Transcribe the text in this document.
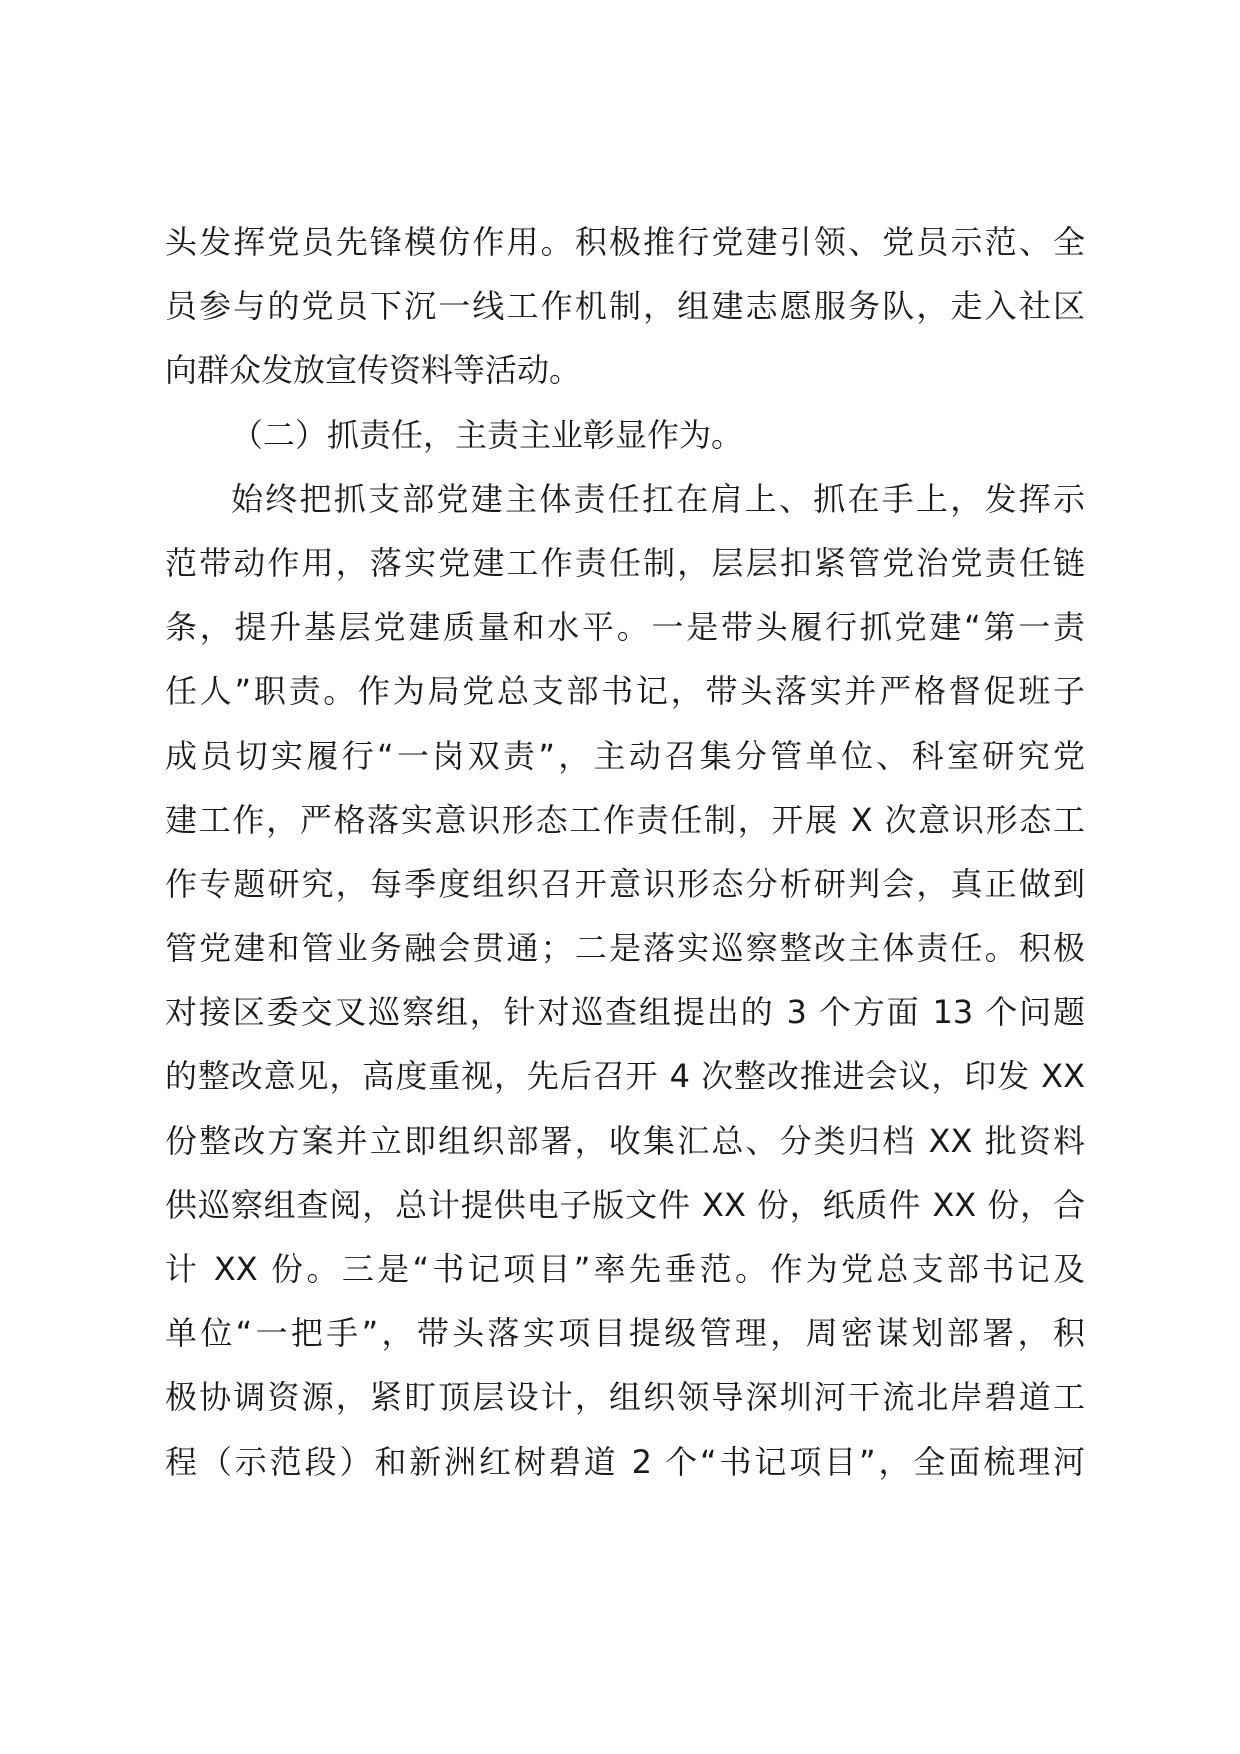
头发挥党员先锋模仿作用。积极推行党建引领、党员示范、全
员参与的党员下沉一线工作机制，组建志愿服务队，走入社区
向群众发放宣传资料等活动。
（二）抓责任，主责主业彰显作为。
始终把抓支部党建主体责任扛在肩上、抓在手上，发挥示
范带动作用，落实党建工作责任制，层层扣紧管党治党责任链
条，提升基层党建质量和水平。一是带头履行抓党建“第一责
任人”职责。作为局党总支部书记，带头落实并严格督促班子
成员切实履行“一岗双责”，主动召集分管单位、科室研究党
建工作，严格落实意识形态工作责任制，开展 X 次意识形态工
作专题研究，每季度组织召开意识形态分析研判会，真正做到
管党建和管业务融会贯通；二是落实巡察整改主体责任。积极
对接区委交叉巡察组，针对巡查组提出的 3 个方面 13 个问题
的整改意见，高度重视，先后召开 4 次整改推进会议，印发 XX
份整改方案并立即组织部署，收集汇总、分类归档 XX 批资料
供巡察组查阅，总计提供电子版文件 XX 份，纸质件 XX 份，合
计 XX 份。三是“书记项目”率先垂范。作为党总支部书记及
单位“一把手”，带头落实项目提级管理，周密谋划部署，积
极协调资源，紧盯顶层设计，组织领导深圳河干流北岸碧道工
程（示范段）和新洲红树碧道 2 个“书记项目”，全面梳理河
